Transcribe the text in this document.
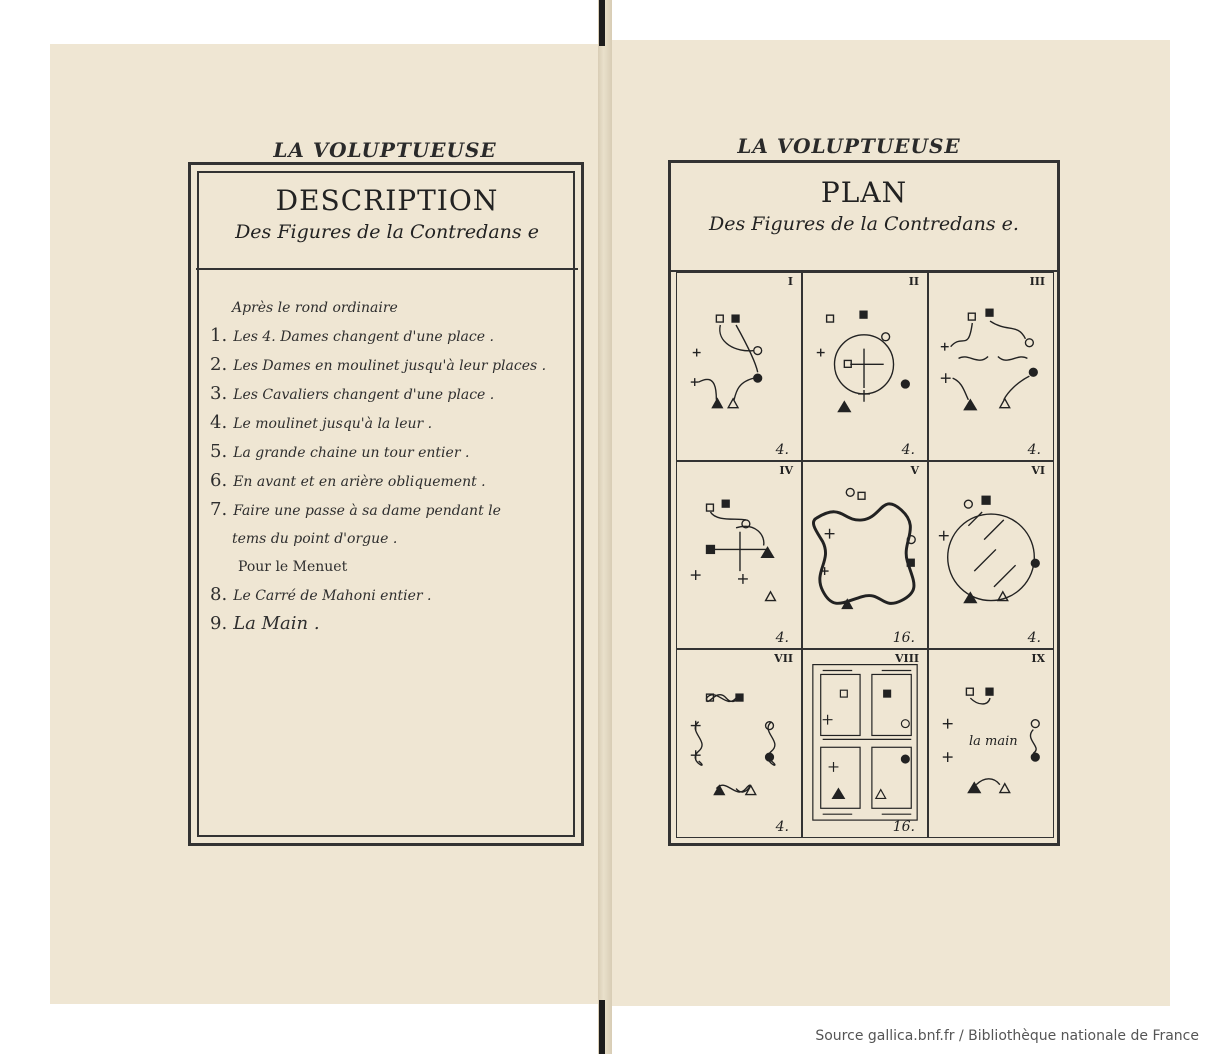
LA VOLUPTUEUSE
DESCRIPTION
Des Figures de la Contredans e
Après le rond ordinaire
1. Les 4. Dames changent d'une place .
2. Les Dames en moulinet jusqu'à leur places .
3. Les Cavaliers changent d'une place .
4. Le moulinet jusqu'à la leur .
5. La grande chaine un tour entier .
6. En avant et en arière obliquement .
7. Faire une passe à sa dame pendant le
tems du point d'orgue .
Pour le Menuet
8. Le Carré de Mahoni entier .
9. La Main .
LA VOLUPTUEUSE
PLAN
Des Figures de la Contredans e.
I
4.
II
4.
III
4.
IV
4.
V
16.
VI
4.
VII
4.
VIII
16.
la main
IX
Source gallica.bnf.fr / Bibliothèque nationale de France
